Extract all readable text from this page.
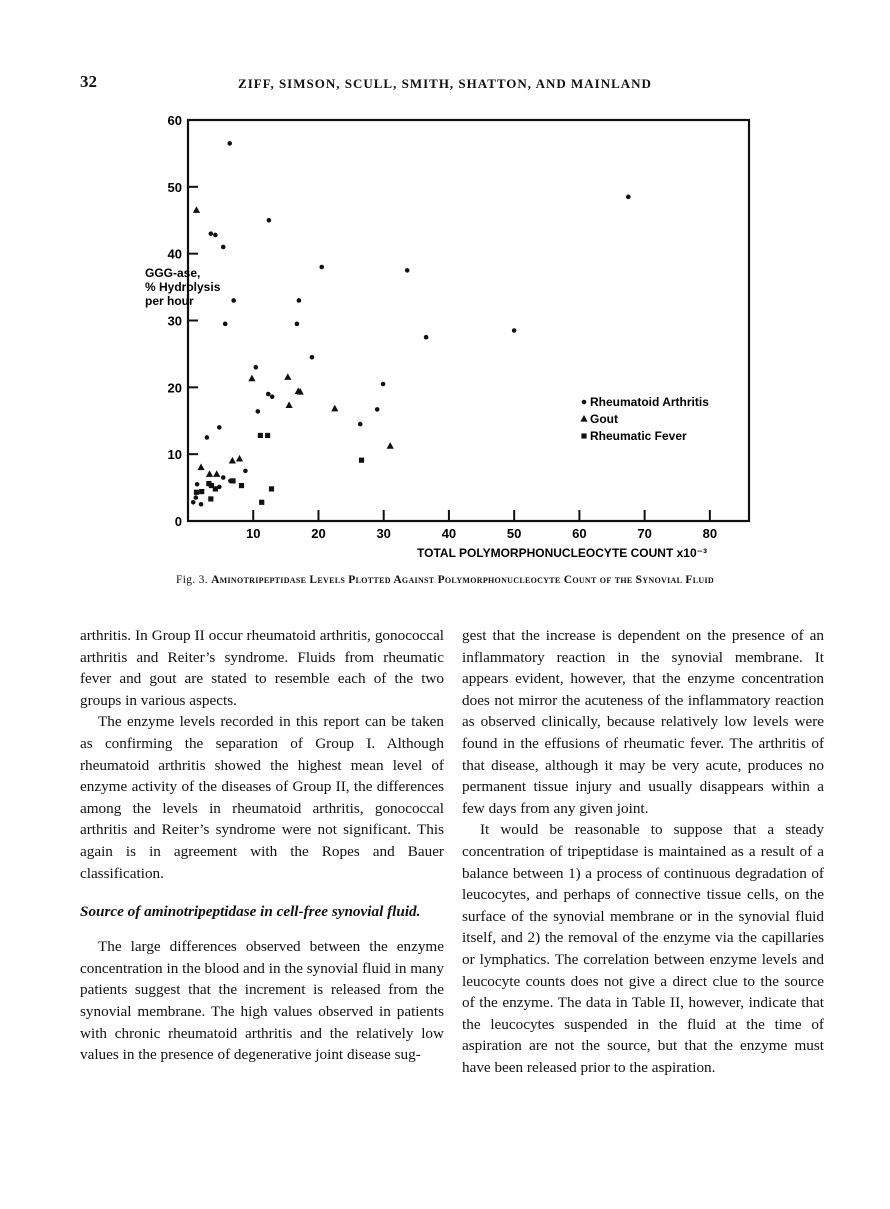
32	ZIFF, SIMSON, SCULL, SMITH, SHATTON, AND MAINLAND
0
10
20
30
40
50
60
10	20	30	40	50	60	70	80
GGG-ase,
% Hydrolysis
per hour
TOTAL POLYMORPHONUCLEOCYTE COUNT x10⁻³
Rheumatoid Arthritis
Gout
Rheumatic Fever
Fig. 3. Aminotripeptidase Levels Plotted Against Polymorphonucleocyte Count of the Synovial Fluid

arthritis. In Group II occur rheumatoid arthritis, gonococcal arthritis and Reiter’s syndrome. Fluids from rheumatic fever and gout are stated to resemble each of the two groups in various aspects.

The enzyme levels recorded in this report can be taken as confirming the separation of Group I. Although rheumatoid arthritis showed the highest mean level of enzyme activity of the diseases of Group II, the differences among the levels in rheumatoid arthritis, gonococcal arthritis and Reiter’s syndrome were not significant. This again is in agreement with the Ropes and Bauer classification.

Source of aminotripeptidase in cell-free synovial fluid.

The large differences observed between the enzyme concentration in the blood and in the synovial fluid in many patients suggest that the increment is released from the synovial membrane. The high values observed in patients with chronic rheumatoid arthritis and the relatively low values in the presence of degenerative joint disease sug-

gest that the increase is dependent on the presence of an inflammatory reaction in the synovial membrane. It appears evident, however, that the enzyme concentration does not mirror the acuteness of the inflammatory reaction as observed clinically, because relatively low levels were found in the effusions of rheumatic fever. The arthritis of that disease, although it may be very acute, produces no permanent tissue injury and usually disappears within a few days from any given joint.

It would be reasonable to suppose that a steady concentration of tripeptidase is maintained as a result of a balance between 1) a process of continuous degradation of leucocytes, and perhaps of connective tissue cells, on the surface of the synovial membrane or in the synovial fluid itself, and 2) the removal of the enzyme via the capillaries or lymphatics. The correlation between enzyme levels and leucocyte counts does not give a direct clue to the source of the enzyme. The data in Table II, however, indicate that the leucocytes suspended in the fluid at the time of aspiration are not the source, but that the enzyme must have been released prior to the aspiration.
